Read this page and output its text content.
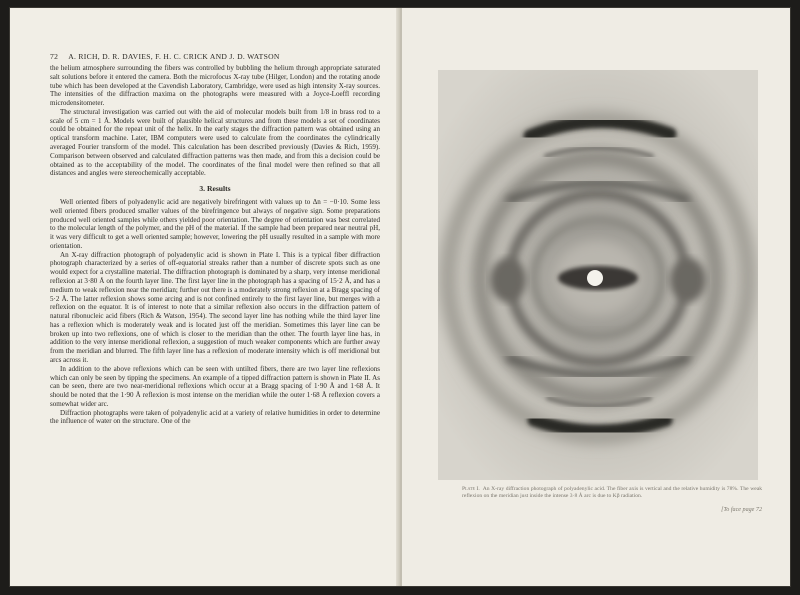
72 A. RICH, D. R. DAVIES, F. H. C. CRICK AND J. D. WATSON

the helium atmosphere surrounding the fibers was controlled by bubbling the helium through appropriate saturated salt solutions before it entered the camera. Both the microfocus X-ray tube (Hilger, London) and the rotating anode tube which has been developed at the Cavendish Laboratory, Cambridge, were used as high intensity X-ray sources. The intensities of the diffraction maxima on the photographs were measured with a Joyce-Loeffl recording microdensitometer.

The structural investigation was carried out with the aid of molecular models built from 1/8 in brass rod to a scale of 5 cm = 1 Å. Models were built of plausible helical structures and from these models a set of coordinates could be obtained for the repeat unit of the helix. In the early stages the diffraction pattern was obtained using an optical transform machine. Later, IBM computers were used to calculate from the coordinates the cylindrically averaged Fourier transform of the model. This calculation has been described previously (Davies & Rich, 1959). Comparison between observed and calculated diffraction patterns was then made, and from this a decision could be obtained as to the acceptability of the model. The coordinates of the final model were then refined so that all distances and angles were stereochemically acceptable.

3. Results

Well oriented fibers of polyadenylic acid are negatively birefringent with values up to Δn = −0·10. Some less well oriented fibers produced smaller values of the birefringence but always of negative sign. Some preparations produced well oriented samples while others yielded poor orientation. The degree of orientation was best correlated to the molecular length of the polymer, and the pH of the material. If the sample had been prepared near neutral pH, it was very difficult to get a well oriented sample; however, lowering the pH usually resulted in a sample with more orientation.

An X-ray diffraction photograph of polyadenylic acid is shown in Plate I. This is a typical fiber diffraction photograph characterized by a series of off-equatorial streaks rather than a number of discrete spots such as one would expect for a crystalline material. The diffraction photograph is dominated by a sharp, very intense meridional reflexion at 3·80 Å on the fourth layer line. The first layer line in the photograph has a spacing of 15·2 Å, and has a medium to weak reflexion near the meridian; further out there is a moderately strong reflexion at a Bragg spacing of 5·2 Å. The latter reflexion shows some arcing and is not confined entirely to the first layer line, but merges with a reflexion on the equator. It is of interest to note that a similar reflexion also occurs in the diffraction pattern of natural ribonucleic acid fibers (Rich & Watson, 1954). The second layer line has nothing while the third layer line has a reflexion which is moderately weak and is located just off the meridian. Sometimes this layer line can be broken up into two reflexions, one of which is closer to the meridian than the other. The fourth layer line has, in addition to the very intense meridional reflexion, a suggestion of much weaker components which are further away from the meridian and blurred. The fifth layer line has a reflexion of moderate intensity which is off meridional but arcs across it.

In addition to the above reflexions which can be seen with untilted fibers, there are two layer line reflexions which can only be seen by tipping the specimens. An example of a tipped diffraction pattern is shown in Plate II. As can be seen, there are two near-meridional reflexions which occur at a Bragg spacing of 1·90 Å and 1·68 Å. It should be noted that the 1·90 Å reflexion is most intense on the meridian while the outer 1·68 Å reflexion covers a somewhat wider arc.

Diffraction photographs were taken of polyadenylic acid at a variety of relative humidities in order to determine the influence of water on the structure. One of the

Plate I. An X-ray diffraction photograph of polyadenylic acid. The fiber axis is vertical and the relative humidity is 78%. The weak reflexion on the meridian just inside the intense 3·8 Å arc is due to Kβ radiation.
[To face page 72
